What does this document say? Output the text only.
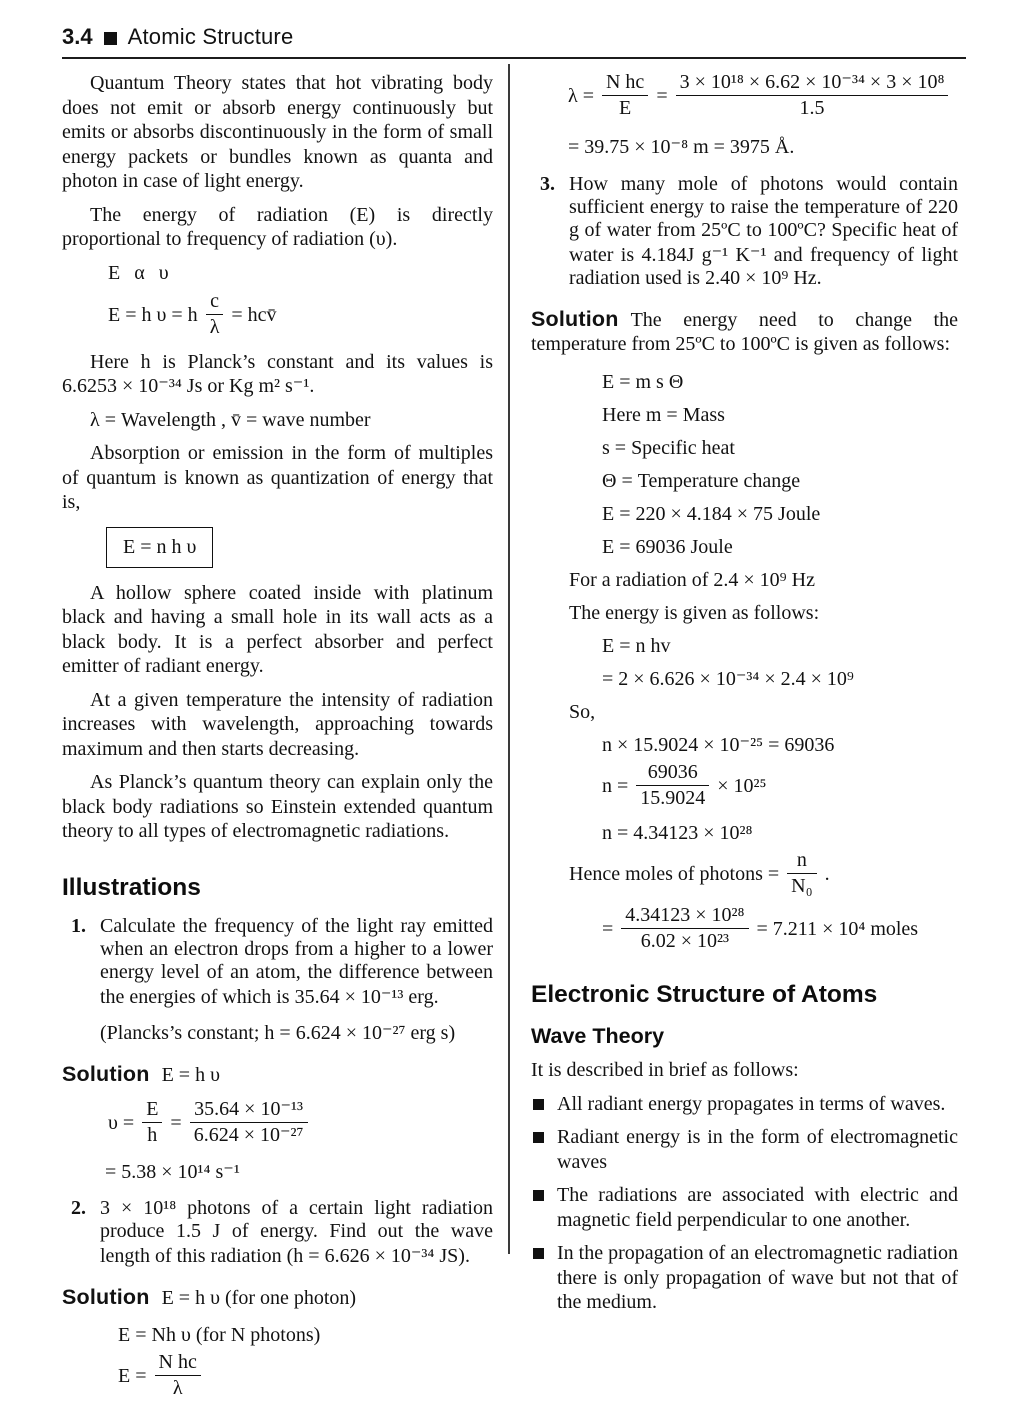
3.4 Atomic Structure

Quantum Theory states that hot vibrating body does not emit or absorb energy continuously but emits or absorbs discontinuously in the form of small energy packets or bundles known as quanta and photon in case of light energy.

The energy of radiation (E) is directly proportional to frequency of radiation (υ).

E α υ
E = h υ = h $\frac{c}{\lambda}$ = hcv̄

Here h is Planck’s constant and its values is 6.6253 × 10⁻³⁴ Js or Kg m² s⁻¹.

λ = Wavelength , v̄ = wave number

Absorption or emission in the form of multiples of quantum is known as quantization of energy that is,

E = n h υ

A hollow sphere coated inside with platinum black and having a small hole in its wall acts as a black body. It is a perfect absorber and perfect emitter of radiant energy.

At a given temperature the intensity of radiation increases with wavelength, approaching towards maximum and then starts decreasing.

As Planck’s quantum theory can explain only the black body radiations so Einstein extended quantum theory to all types of electromagnetic radiations.

Illustrations
1. Calculate the frequency of the light ray emitted when an electron drops from a higher to a lower energy level of an atom, the difference between the energies of which is 35.64 × 10⁻¹³ erg.

(Plancks’s constant; h = 6.624 × 10⁻²⁷ erg s)

Solution E = h υ

$\upsilon = \frac{E}{h} = \frac{\text{35.64 × 10⁻¹³}}{\text{6.624 × 10⁻²⁷}}$

= 5.38 × 10¹⁴ s⁻¹

2. 3 × 10¹⁸ photons of a certain light radiation produce 1.5 J of energy. Find out the wave length of this radiation (h = 6.626 × 10⁻³⁴ JS).

Solution E = h υ (for one photon)

E = Nh υ (for N photons)

$E = \frac{\text{N hc}}{\lambda}$
$\lambda = \frac{\text{N hc}}{E} = \frac{\text{3 × 10¹⁸ × 6.62 × 10⁻³⁴ × 3 × 10⁸}}{1.5}$

= 39.75 × 10⁻⁸ m = 3975 Å.

3. How many mole of photons would contain sufficient energy to raise the temperature of 220 g of water from 25ºC to 100ºC? Specific heat of water is 4.184J g⁻¹ K⁻¹ and frequency of light radiation used is 2.40 × 10⁹ Hz.

Solution The energy need to change the temperature from 25ºC to 100ºC is given as follows:

E = m s Θ

Here m = Mass

s = Specific heat

Θ = Temperature change

E = 220 × 4.184 × 75 Joule

E = 69036 Joule

For a radiation of 2.4 × 10⁹ Hz

The energy is given as follows:

E = n hv

= 2 × 6.626 × 10⁻³⁴ × 2.4 × 10⁹

So,

n × 15.9024 × 10⁻²⁵ = 69036

$n = \frac{69036}{15.9024} \times 10^{25}$

n = 4.34123 × 10²⁸

Hence moles of photons = $\frac{n}{\text{N₀}}$ .
= $\frac{\text{4.34123 × 10²⁸}}{\text{6.02 × 10²³}} = 7.211 \times 10^4$ moles
Electronic Structure of Atoms
Wave Theory

It is described in brief as follows:

All radiant energy propagates in terms of waves.
Radiant energy is in the form of electromagnetic waves
The radiations are associated with electric and magnetic field perpendicular to one another.
In the propagation of an electromagnetic radiation there is only propagation of wave but not that of the medium.
